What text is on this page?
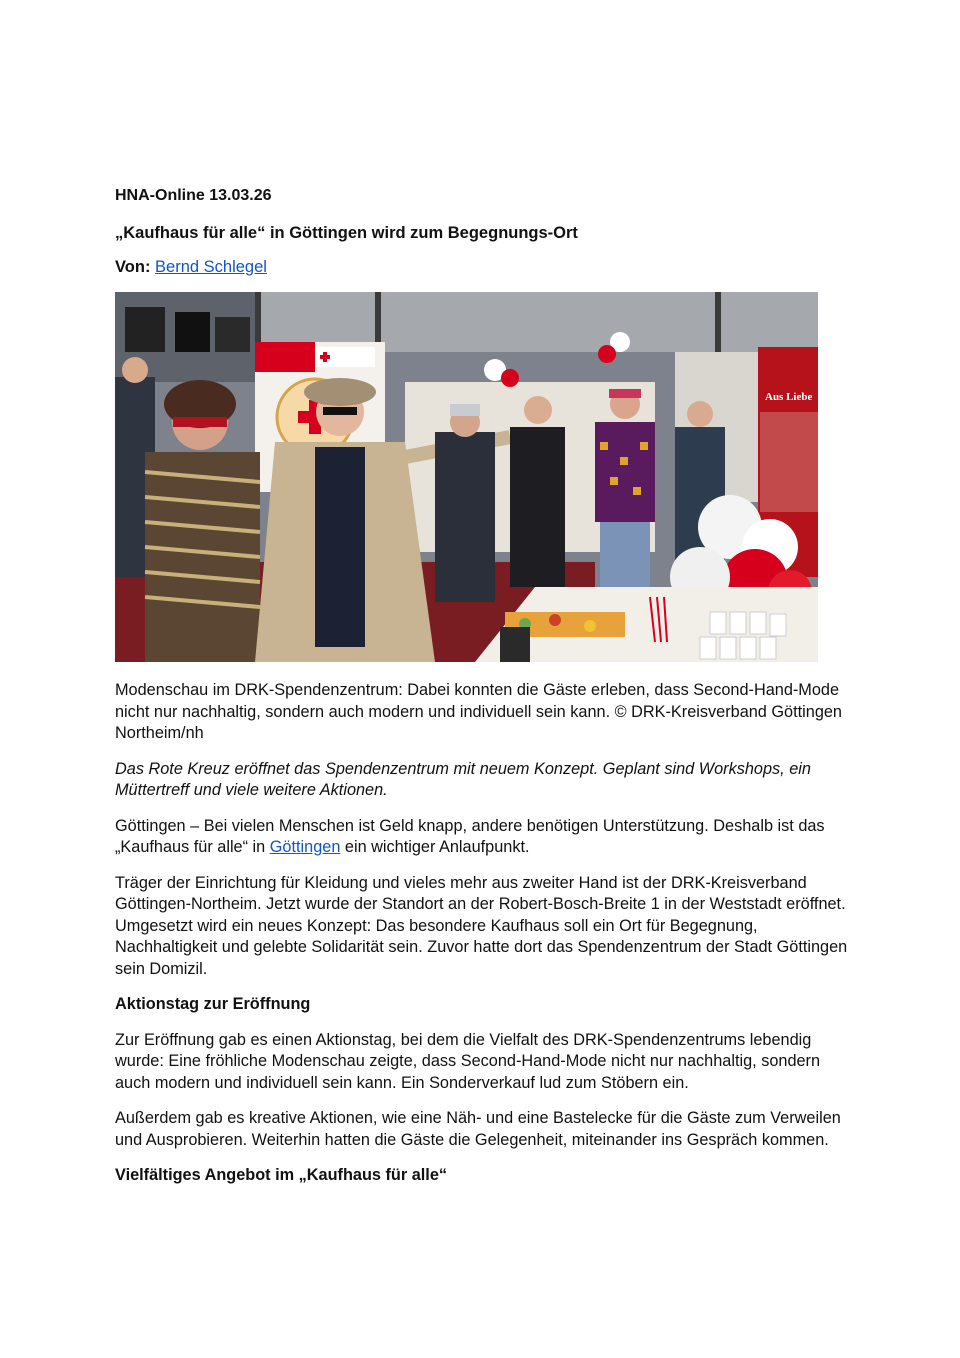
HNA-Online 13.03.26
„Kaufhaus für alle“ in Göttingen wird zum Begegnungs-Ort
Von: Bernd Schlegel
Aus Liebe

Modenschau im DRK-Spendenzentrum: Dabei konnten die Gäste erleben, dass Second-Hand-Mode nicht nur nachhaltig, sondern auch modern und individuell sein kann. © DRK-Kreisverband Göttingen Northeim/nh

Das Rote Kreuz eröffnet das Spendenzentrum mit neuem Konzept. Geplant sind Workshops, ein Müttertreff und viele weitere Aktionen.

Göttingen – Bei vielen Menschen ist Geld knapp, andere benötigen Unterstützung. Deshalb ist das „Kaufhaus für alle“ in Göttingen ein wichtiger Anlaufpunkt.

Träger der Einrichtung für Kleidung und vieles mehr aus zweiter Hand ist der DRK-Kreisverband Göttingen-Northeim. Jetzt wurde der Standort an der Robert-Bosch-Breite 1 in der Weststadt eröffnet. Umgesetzt wird ein neues Konzept: Das besondere Kaufhaus soll ein Ort für Begegnung, Nachhaltigkeit und gelebte Solidarität sein. Zuvor hatte dort das Spendenzentrum der Stadt Göttingen sein Domizil.

Aktionstag zur Eröffnung

Zur Eröffnung gab es einen Aktionstag, bei dem die Vielfalt des DRK-Spendenzentrums lebendig wurde: Eine fröhliche Modenschau zeigte, dass Second-Hand-Mode nicht nur nachhaltig, sondern auch modern und individuell sein kann. Ein Sonderverkauf lud zum Stöbern ein.

Außerdem gab es kreative Aktionen, wie eine Näh- und eine Bastelecke für die Gäste zum Verweilen und Ausprobieren. Weiterhin hatten die Gäste die Gelegenheit, miteinander ins Gespräch kommen.

Vielfältiges Angebot im „Kaufhaus für alle“
